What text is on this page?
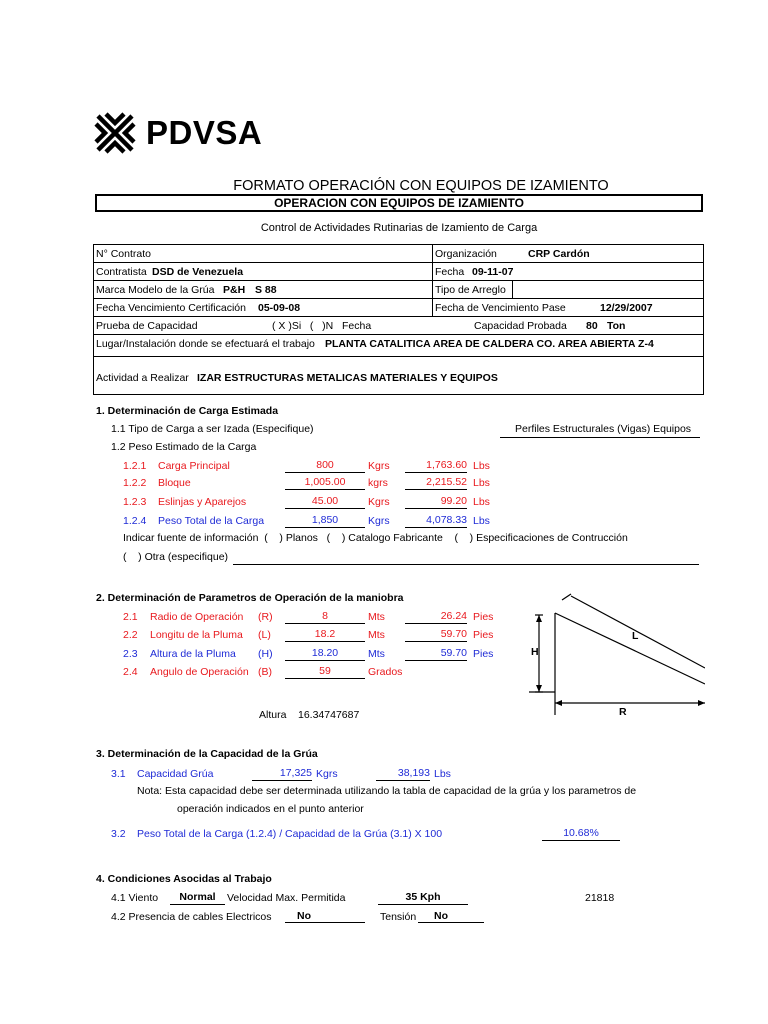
PDVSA
FORMATO OPERACIÓN CON EQUIPOS DE IZAMIENTO
OPERACION CON EQUIPOS DE IZAMIENTO
Control de Actividades Rutinarias de Izamiento de Carga
N° Contrato	Organización	CRP Cardón
Contratista DSD de Venezuela	Fecha 09-11-07
Marca Modelo de la Grúa P&H S 88	Tipo de Arreglo
Fecha Vencimiento Certificación 05-09-08	Fecha de Vencimiento Pase	12/29/2007
Prueba de Capacidad	( X )Si   (   )N   Fecha	Capacidad Probada 80 Ton
Lugar/Instalación donde se efectuará el trabajo PLANTA CATALITICA AREA DE CALDERA CO. AREA ABIERTA Z-4
Actividad a Realizar IZAR ESTRUCTURAS METALICAS MATERIALES Y EQUIPOS
1. Determinación de Carga Estimada
1.1 Tipo de Carga a ser Izada (Especifique)	Perfiles Estructurales (Vigas) Equipos
1.2 Peso Estimado de la Carga
1.2.1 Carga Principal	800	Kgrs	1,763.60 Lbs
1.2.2 Bloque	1,005.00	kgrs	2,215.52 Lbs
1.2.3 Eslinjas y Aparejos	45.00	Kgrs	99.20 Lbs
1.2.4 Peso Total de la Carga	1,850	Kgrs	4,078.33 Lbs
Indicar fuente de información  (    ) Planos   (    ) Catalogo Fabricante    (    ) Especificaciones de Contrucción
(    ) Otra (especifique)
2. Determinación de Parametros de Operación de la maniobra
2.1 Radio de Operación (R)	8	Mts	26.24 Pies
2.2 Longitu de la Pluma (L)	18.2	Mts	59.70 Pies
2.3 Altura de la Pluma (H)	18.20	Mts	59.70 Pies
2.4 Angulo de Operación (B)	59	Grados
Altura 16.34747687
L
H
R
3. Determinación de la Capacidad de la Grúa
3.1 Capacidad Grúa	17,325 Kgrs	38,193 Lbs
Nota: Esta capacidad debe ser determinada utilizando la tabla de capacidad de la grúa y los parametros de
operación indicados en el punto anterior
3.2 Peso Total de la Carga (1.2.4) / Capacidad de la Grúa (3.1) X 100	10.68%
4. Condiciones Asocidas al Trabajo
4.1 Viento	Normal	Velocidad Max. Permitida	35 Kph	21818
4.2 Presencia de cables Electricos	No	Tensión	No
